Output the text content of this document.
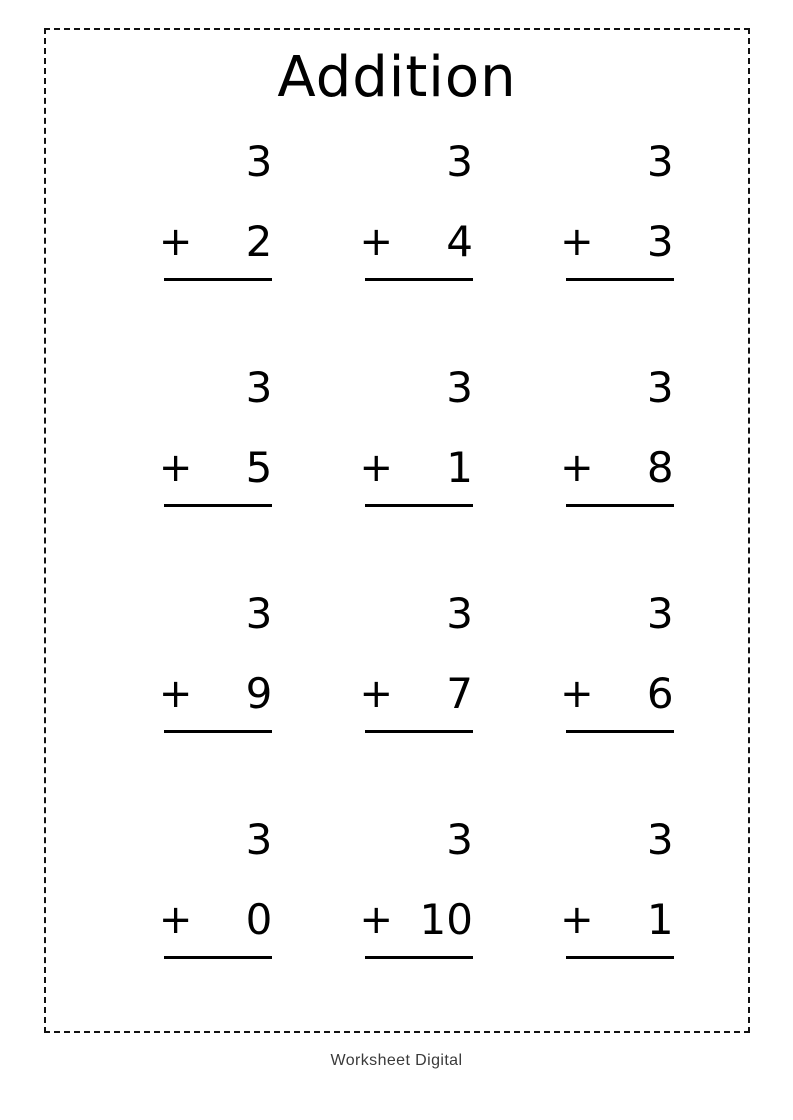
Addition
3
+	2
3
+	4
3
+	3
3
+	5
3
+	1
3
+	8
3
+	9
3
+	7
3
+	6
3
+	0
3
+ 10
3
+	1
Worksheet Digital
